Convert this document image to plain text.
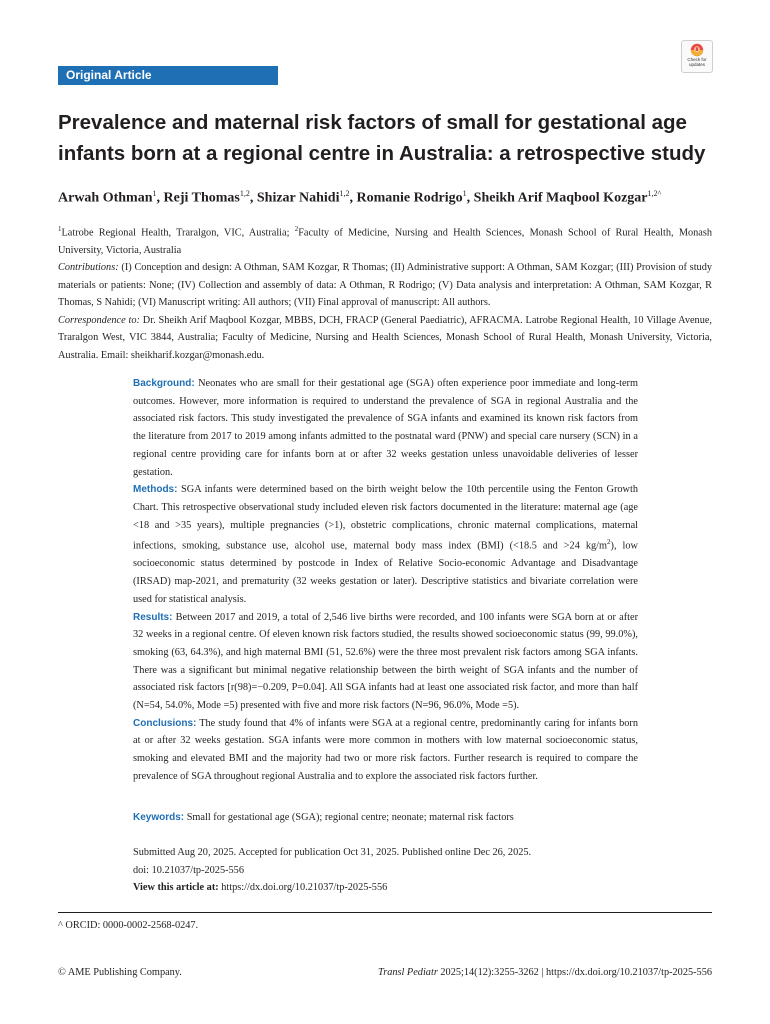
Check for updates
Original Article
Prevalence and maternal risk factors of small for gestational age infants born at a regional centre in Australia: a retrospective study
Arwah Othman$^1$, Reji Thomas$^{1,2}$, Shizar Nahidi$^{1,2}$, Romanie Rodrigo$^1$, Sheikh Arif Maqbool Kozgar$^{1,2\^{}}$

$^1$Latrobe Regional Health, Traralgon, VIC, Australia; $^2$Faculty of Medicine, Nursing and Health Sciences, Monash School of Rural Health, Monash University, Victoria, Australia

Contributions: (I) Conception and design: A Othman, SAM Kozgar, R Thomas; (II) Administrative support: A Othman, SAM Kozgar; (III) Provision of study materials or patients: None; (IV) Collection and assembly of data: A Othman, R Rodrigo; (V) Data analysis and interpretation: A Othman, SAM Kozgar, R Thomas, S Nahidi; (VI) Manuscript writing: All authors; (VII) Final approval of manuscript: All authors.

Correspondence to: Dr. Sheikh Arif Maqbool Kozgar, MBBS, DCH, FRACP (General Paediatric), AFRACMA. Latrobe Regional Health, 10 Village Avenue, Traralgon West, VIC 3844, Australia; Faculty of Medicine, Nursing and Health Sciences, Monash School of Rural Health, Monash University, Victoria, Australia. Email: sheikharif.kozgar@monash.edu.

Background: Neonates who are small for their gestational age (SGA) often experience poor immediate and long-term outcomes. However, more information is required to understand the prevalence of SGA in regional Australia and the associated risk factors. This study investigated the prevalence of SGA infants and examined its known risk factors from the literature from 2017 to 2019 among infants admitted to the postnatal ward (PNW) and special care nursery (SCN) in a regional centre providing care for infants born at or after 32 weeks gestation unless unavoidable deliveries of lesser gestation.

Methods: SGA infants were determined based on the birth weight below the 10th percentile using the Fenton Growth Chart. This retrospective observational study included eleven risk factors documented in the literature: maternal age (age <18 and >35 years), multiple pregnancies (>1), obstetric complications, chronic maternal complications, maternal infections, smoking, substance use, alcohol use, maternal body mass index (BMI) (<18.5 and >24 $kg/m^2$), low socioeconomic status determined by postcode in Index of Relative Socio-economic Advantage and Disadvantage (IRSAD) map-2021, and prematurity (32 weeks gestation or later). Descriptive statistics and bivariate correlation were used for statistical analysis.

Results: Between 2017 and 2019, a total of 2,546 live births were recorded, and 100 infants were SGA born at or after 32 weeks in a regional centre. Of eleven known risk factors studied, the results showed socioeconomic status (99, 99.0%), smoking (63, 64.3%), and high maternal BMI (51, 52.6%) were the three most prevalent risk factors among SGA infants. There was a significant but minimal negative relationship between the birth weight of SGA infants and the number of associated risk factors [r(98)=−0.209, P=0.04]. All SGA infants had at least one associated risk factor, and more than half (N=54, 54.0%, Mode =5) presented with five and more risk factors (N=96, 96.0%, Mode =5).

Conclusions: The study found that 4% of infants were SGA at a regional centre, predominantly caring for infants born at or after 32 weeks gestation. SGA infants were more common in mothers with low maternal socioeconomic status, smoking and elevated BMI and the majority had two or more risk factors. Further research is required to compare the prevalence of SGA throughout regional Australia and to explore the associated risk factors further.

Keywords: Small for gestational age (SGA); regional centre; neonate; maternal risk factors
Submitted Aug 20, 2025. Accepted for publication Oct 31, 2025. Published online Dec 26, 2025.
doi: 10.21037/tp-2025-556
View this article at: https://dx.doi.org/10.21037/tp-2025-556
^ ORCID: 0000-0002-2568-0247.
© AME Publishing Company.	Transl Pediatr 2025;14(12):3255-3262 | https://dx.doi.org/10.21037/tp-2025-556
